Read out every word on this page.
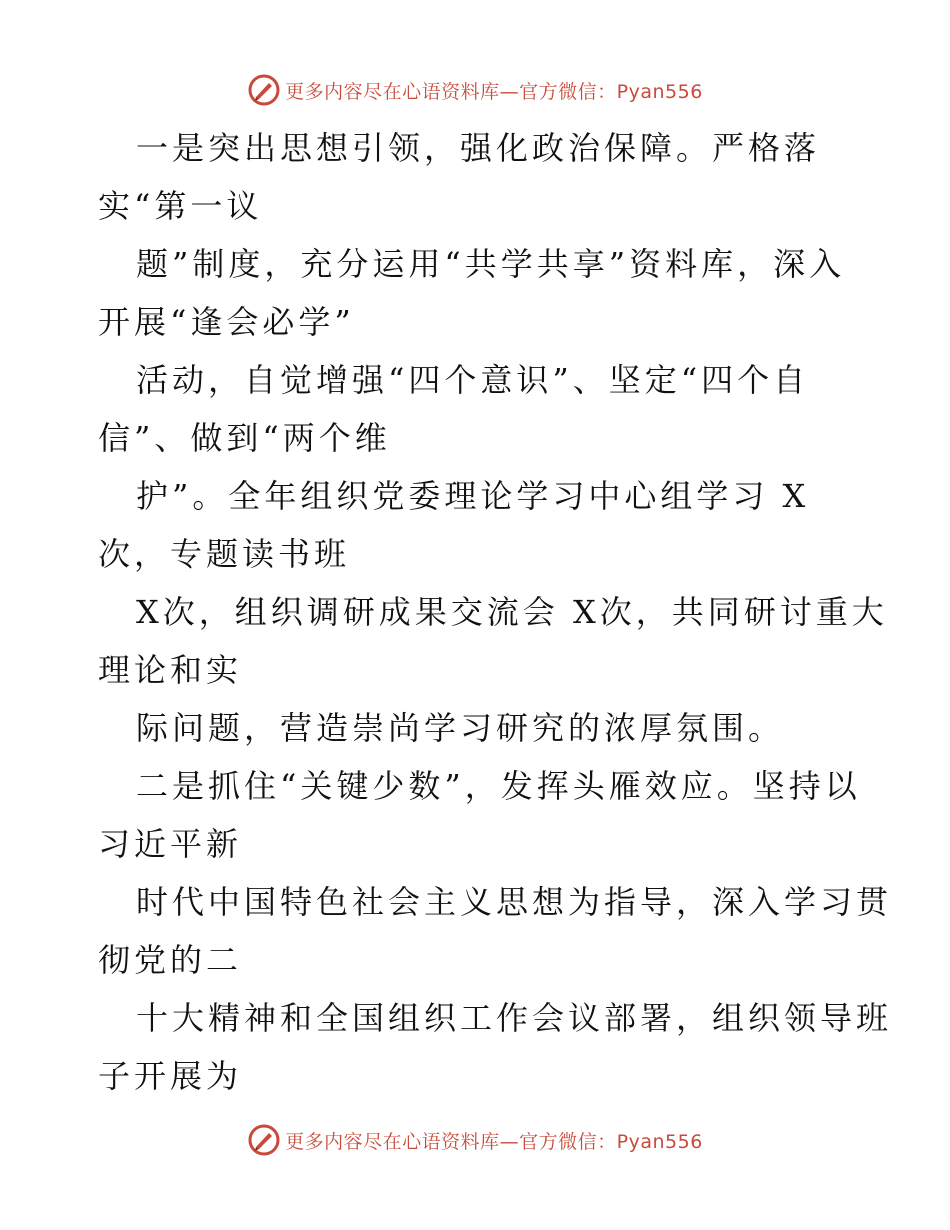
更多内容尽在心语资料库—官方微信：Pyan556
一是突出思想引领，强化政治保障。严格落
实“第一议
题”制度，充分运用“共学共享”资料库，深入
开展“逢会必学”
活动，自觉增强“四个意识”、坚定“四个自
信”、做到“两个维
护”。全年组织党委理论学习中心组学习 X
次，专题读书班
X次，组织调研成果交流会 X次，共同研讨重大
理论和实
际问题，营造崇尚学习研究的浓厚氛围。
二是抓住“关键少数”，发挥头雁效应。坚持以
习近平新
时代中国特色社会主义思想为指导，深入学习贯
彻党的二
十大精神和全国组织工作会议部署，组织领导班
子开展为
更多内容尽在心语资料库—官方微信：Pyan556
